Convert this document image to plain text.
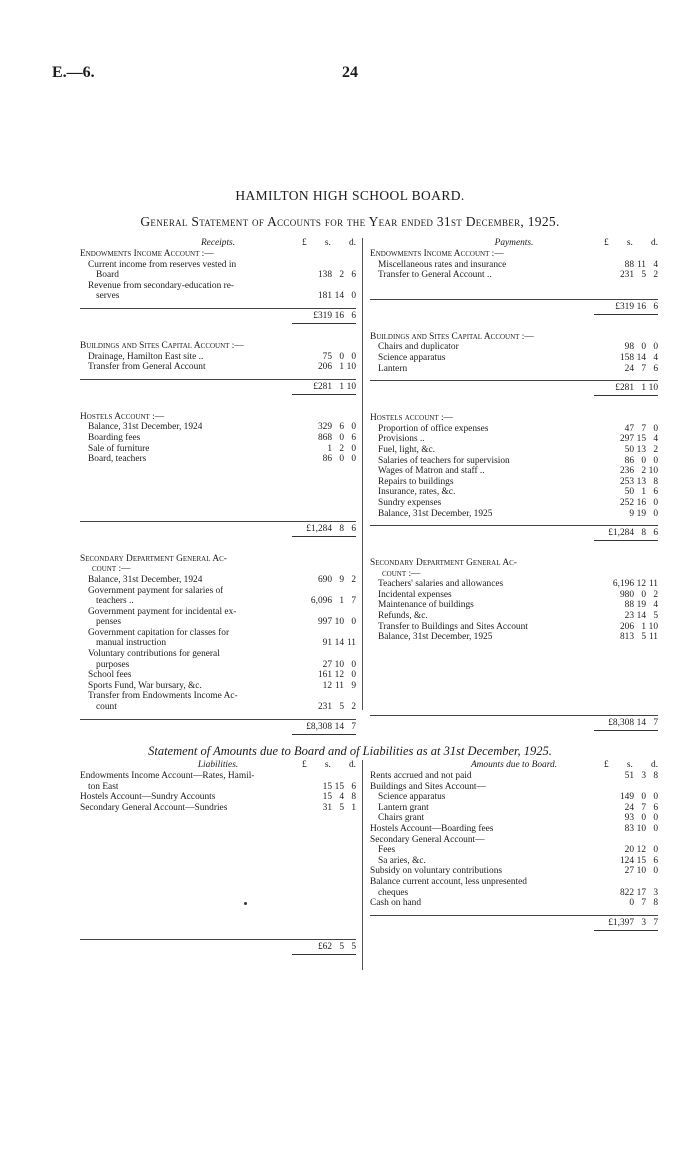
E.—6.	24
HAMILTON HIGH SCHOOL BOARD.
General Statement of Accounts for the Year ended 31st December, 1925.
Receipts.	£ s. d.
Endowments Income Account :—
Current income from reserves vested in
Board	138 2 6
Revenue from secondary-education re-
serves	181 14 0
£319 16 6
Buildings and Sites Capital Account :—
Drainage, Hamilton East site ..	75 0 0
Transfer from General Account	206 1 10
£281 1 10
Hostels Account :—
Balance, 31st December, 1924	329 6 0
Boarding fees	868 0 6
Sale of furniture	1 2 0
Board, teachers	86 0 0
£1,284 8 6
Secondary Department General Ac-
count :—
Balance, 31st December, 1924	690 9 2
Government payment for salaries of
teachers ..	6,096 1 7
Government payment for incidental ex-
penses	997 10 0
Government capitation for classes for
manual instruction	91 14 11
Voluntary contributions for general
purposes	27 10 0
School fees	161 12 0
Sports Fund, War bursary, &c.	12 11 9
Transfer from Endowments Income Ac-
count	231 5 2
£8,308 14 7
Payments.	£ s. d.
Endowments Income Account :—
Miscellaneous rates and insurance	88 11 4
Transfer to General Account ..	231 5 2
£319 16 6
Buildings and Sites Capital Account :—
Chairs and duplicator	98 0 0
Science apparatus	158 14 4
Lantern	24 7 6
£281 1 10
Hostels account :—
Proportion of office expenses	47 7 0
Provisions ..	297 15 4
Fuel, light, &c.	50 13 2
Salaries of teachers for supervision	86 0 0
Wages of Matron and staff ..	236 2 10
Repairs to buildings	253 13 8
Insurance, rates, &c.	50 1 6
Sundry expenses	252 16 0
Balance, 31st December, 1925	9 19 0
£1,284 8 6
Secondary Department General Ac-
count :—
Teachers' salaries and allowances	6,196 12 11
Incidental expenses	980 0 2
Maintenance of buildings	88 19 4
Refunds, &c.	23 14 5
Transfer to Buildings and Sites Account	206 1 10
Balance, 31st December, 1925	813 5 11
£8,308 14 7
Statement of Amounts due to Board and of Liabilities as at 31st December, 1925.
Liabilities.	£ s. d.
Endowments Income Account—Rates, Hamil-
ton East	15 15 6
Hostels Account—Sundry Accounts	15 4 8
Secondary General Account—Sundries	31 5 1
£62 5 5
Amounts due to Board.	£ s. d.
Rents accrued and not paid	51 3 8
Buildings and Sites Account—
Science apparatus	149 0 0
Lantern grant	24 7 6
Chairs grant	93 0 0
Hostels Account—Boarding fees	83 10 0
Secondary General Account—
Fees	20 12 0
Sa aries, &c.	124 15 6
Subsidy on voluntary contributions	27 10 0
Balance current account, less unpresented
cheques	822 17 3
Cash on hand	0 7 8
£1,397 3 7
